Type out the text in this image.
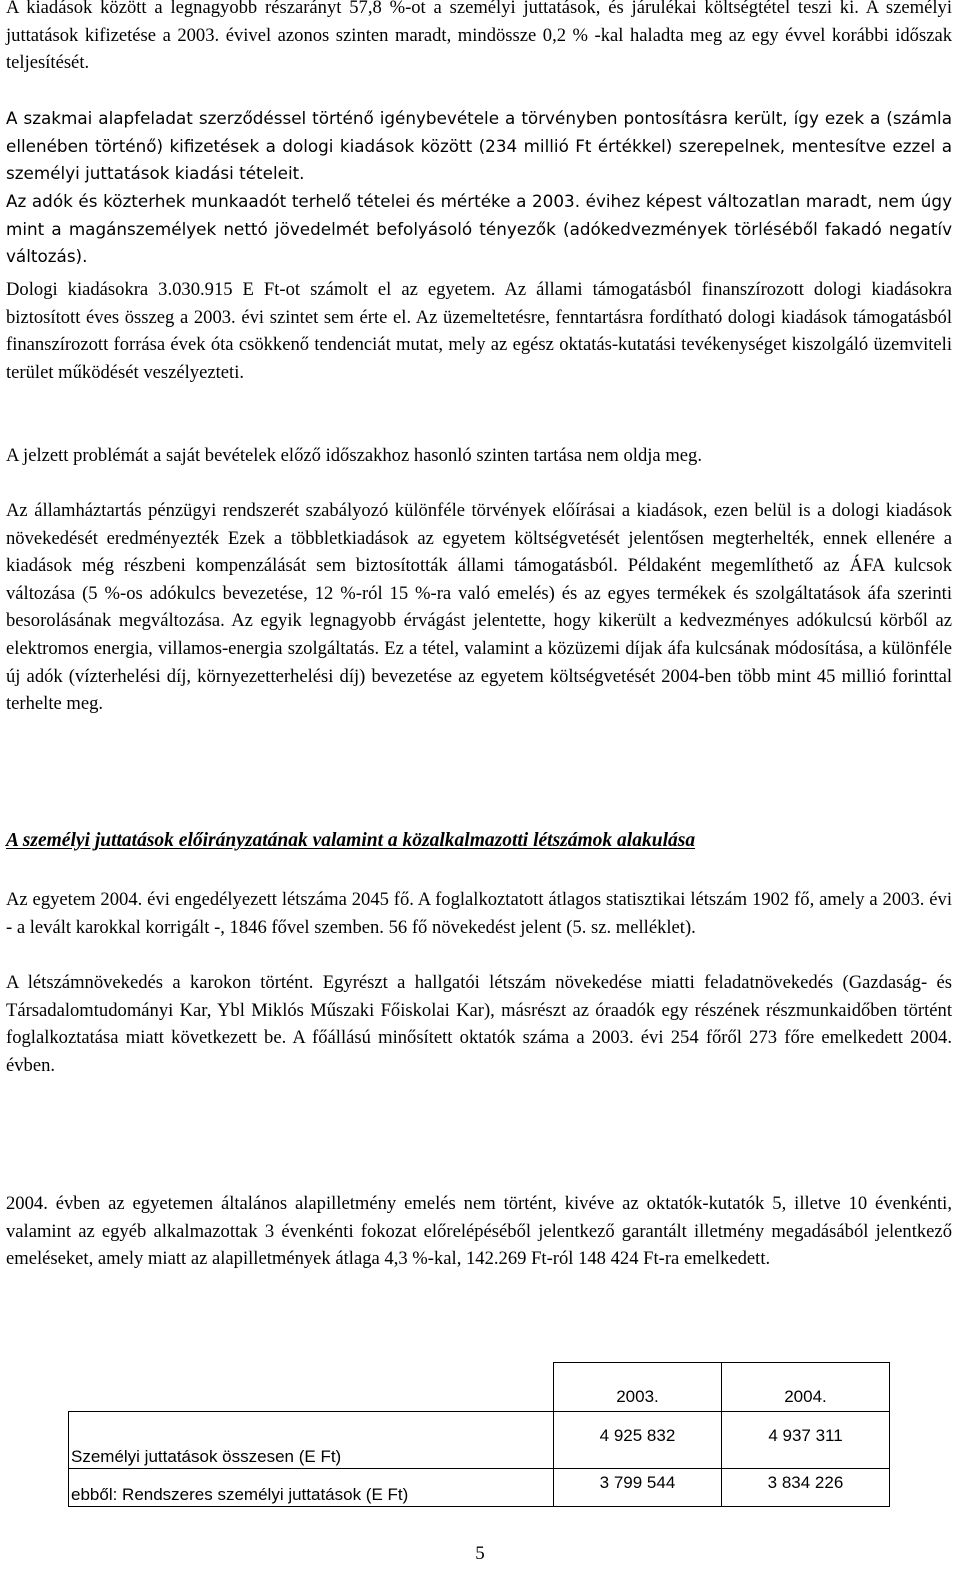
A kiadások között a legnagyobb részarányt 57,8 %-ot a személyi juttatások, és járulékai költségtétel teszi ki. A személyi juttatások kifizetése a 2003. évivel azonos szinten maradt, mindössze 0,2 % -kal haladta meg az egy évvel korábbi időszak teljesítését.

A szakmai alapfeladat szerződéssel történő igénybevétele a törvényben pontosításra került, így ezek a (számla ellenében történő) kifizetések a dologi kiadások között (234 millió Ft értékkel) szerepelnek, mentesítve ezzel a személyi juttatások kiadási tételeit.

Az adók és közterhek munkaadót terhelő tételei és mértéke a 2003. évihez képest változatlan maradt, nem úgy mint a magánszemélyek nettó jövedelmét befolyásoló tényezők (adókedvezmények törléséből fakadó negatív változás).

Dologi kiadásokra 3.030.915 E Ft-ot számolt el az egyetem. Az állami támogatásból finanszírozott dologi kiadásokra biztosított éves összeg a 2003. évi szintet sem érte el. Az üzemeltetésre, fenntartásra fordítható dologi kiadások támogatásból finanszírozott forrása évek óta csökkenő tendenciát mutat, mely az egész oktatás-kutatási tevékenységet kiszolgáló üzemviteli terület működését veszélyezteti.

A jelzett problémát a saját bevételek előző időszakhoz hasonló szinten tartása nem oldja meg.

Az államháztartás pénzügyi rendszerét szabályozó különféle törvények előírásai a kiadások, ezen belül is a dologi kiadások növekedését eredményezték Ezek a többletkiadások az egyetem költségvetését jelentősen megterhelték, ennek ellenére a kiadások még részbeni kompenzálását sem biztosították állami támogatásból. Példaként megemlíthető az ÁFA kulcsok változása (5 %-os adókulcs bevezetése, 12 %-ról 15 %-ra való emelés) és az egyes termékek és szolgáltatások áfa szerinti besorolásának megváltozása. Az egyik legnagyobb érvágást jelentette, hogy kikerült a kedvezményes adókulcsú körből az elektromos energia, villamos-energia szolgáltatás. Ez a tétel, valamint a közüzemi díjak áfa kulcsának módosítása, a különféle új adók (vízterhelési díj, környezetterhelési díj) bevezetése az egyetem költségvetését 2004-ben több mint 45 millió forinttal terhelte meg.

A személyi juttatások előirányzatának valamint a közalkalmazotti létszámok alakulása

Az egyetem 2004. évi engedélyezett létszáma 2045 fő. A foglalkoztatott átlagos statisztikai létszám 1902 fő, amely a 2003. évi - a levált karokkal korrigált -, 1846 fővel szemben. 56 fő növekedést jelent (5. sz. melléklet).

A létszámnövekedés a karokon történt. Egyrészt a hallgatói létszám növekedése miatti feladatnövekedés (Gazdaság- és Társadalomtudományi Kar, Ybl Miklós Műszaki Főiskolai Kar), másrészt az óraadók egy részének részmunkaidőben történt foglalkoztatása miatt következett be. A főállású minősített oktatók száma a 2003. évi 254 főről 273 főre emelkedett 2004. évben.

2004. évben az egyetemen általános alapilletmény emelés nem történt, kivéve az oktatók-kutatók 5, illetve 10 évenkénti, valamint az egyéb alkalmazottak 3 évenkénti fokozat előrelépéséből jelentkező garantált illetmény megadásából jelentkező emeléseket, amely miatt az alapilletmények átlaga 4,3 %-kal, 142.269 Ft-ról 148 424 Ft-ra emelkedett.

	2003.	2004.
Személyi juttatások összesen (E Ft)	4 925 832	4 937 311
ebből: Rendszeres személyi juttatások (E Ft)	3 799 544	3 834 226
5
